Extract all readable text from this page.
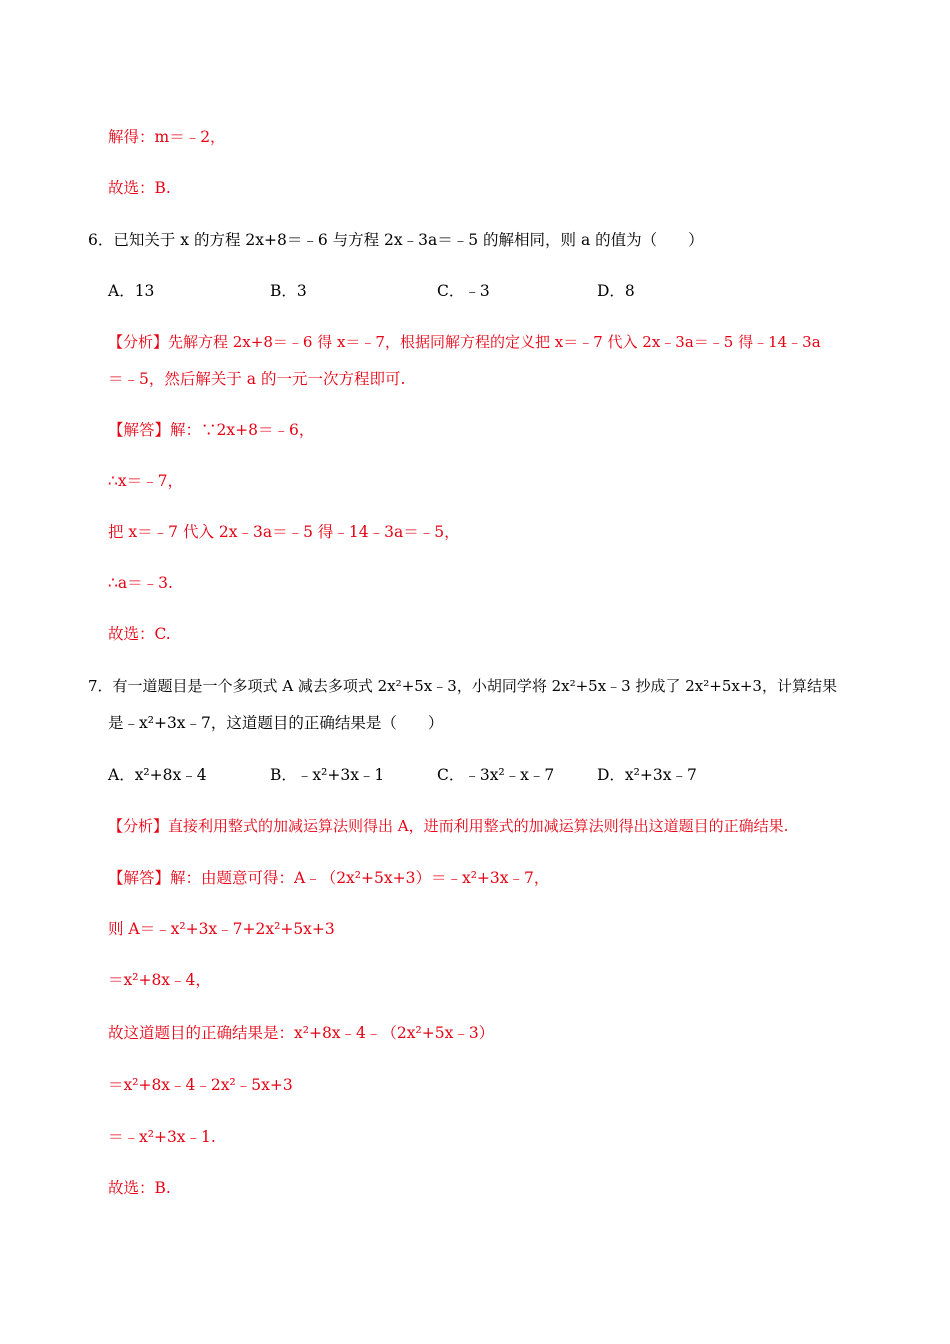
解得：m＝﹣2，
故选：B.
6．已知关于 x 的方程 2x+8＝﹣6 与方程 2x﹣3a＝﹣5 的解相同，则 a 的值为（　　）
A．13	B．3	C．﹣3	D．8
【分析】先解方程 2x+8＝﹣6 得 x＝﹣7，根据同解方程的定义把 x＝﹣7 代入 2x﹣3a＝﹣5 得﹣14﹣3a
＝﹣5，然后解关于 a 的一元一次方程即可.
【解答】解：∵2x+8＝﹣6，
∴x＝﹣7，
把 x＝﹣7 代入 2x﹣3a＝﹣5 得﹣14﹣3a＝﹣5，
∴a＝﹣3.
故选：C.
7．有一道题目是一个多项式 A 减去多项式 2x²+5x﹣3，小胡同学将 2x²+5x﹣3 抄成了 2x²+5x+3，计算结果
是﹣x²+3x﹣7，这道题目的正确结果是（　　）
A．x²+8x﹣4	B．﹣x²+3x﹣1	C．﹣3x²﹣x﹣7	D．x²+3x﹣7
【分析】直接利用整式的加减运算法则得出 A，进而利用整式的加减运算法则得出这道题目的正确结果.
【解答】解：由题意可得：A﹣（2x²+5x+3）＝﹣x²+3x﹣7，
则 A＝﹣x²+3x﹣7+2x²+5x+3
＝x²+8x﹣4，
故这道题目的正确结果是：x²+8x﹣4﹣（2x²+5x﹣3）
＝x²+8x﹣4﹣2x²﹣5x+3
＝﹣x²+3x﹣1.
故选：B.
